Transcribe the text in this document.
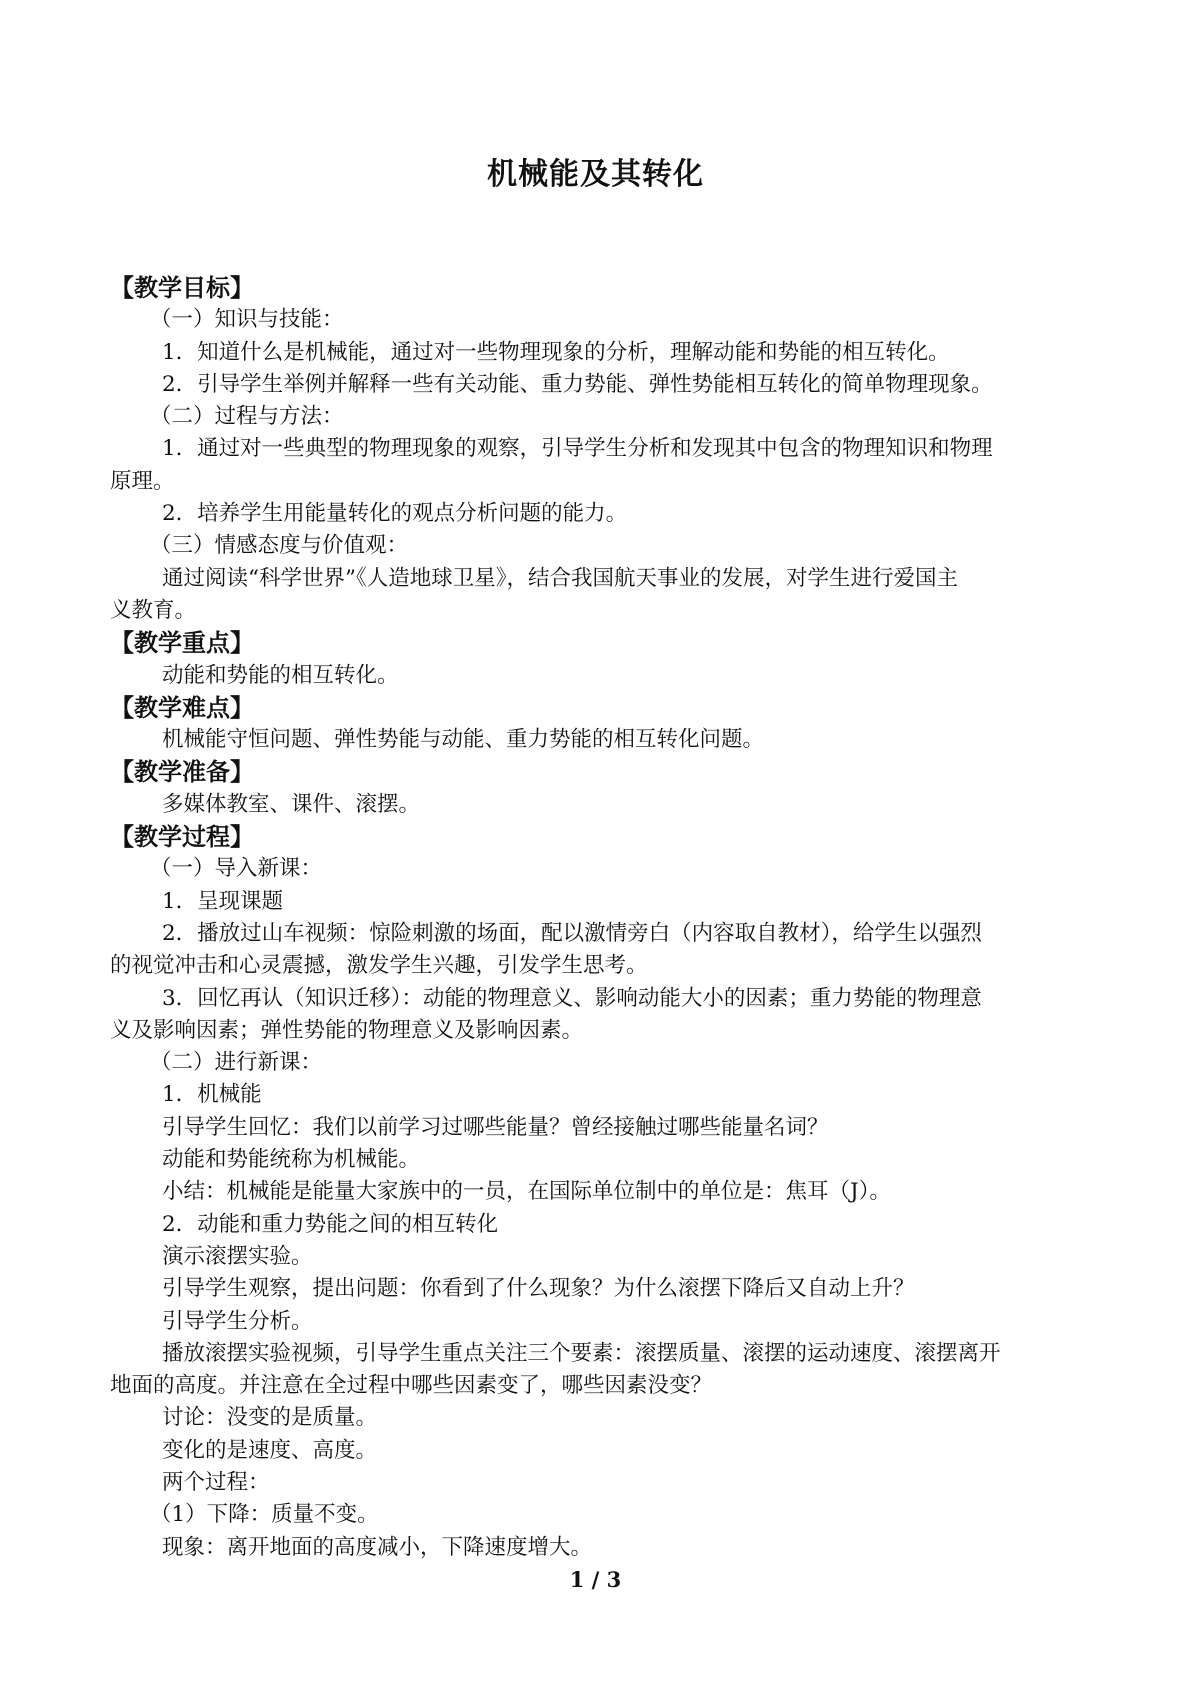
机械能及其转化
【教学目标】
（一）知识与技能：
1．知道什么是机械能，通过对一些物理现象的分析，理解动能和势能的相互转化。
2．引导学生举例并解释一些有关动能、重力势能、弹性势能相互转化的简单物理现象。
（二）过程与方法：
1．通过对一些典型的物理现象的观察，引导学生分析和发现其中包含的物理知识和物理
原理。
2．培养学生用能量转化的观点分析问题的能力。
（三）情感态度与价值观：
通过阅读“科学世界”《人造地球卫星》，结合我国航天事业的发展，对学生进行爱国主
义教育。
【教学重点】
动能和势能的相互转化。
【教学难点】
机械能守恒问题、弹性势能与动能、重力势能的相互转化问题。
【教学准备】
多媒体教室、课件、滚摆。
【教学过程】
（一）导入新课：
1．呈现课题
2．播放过山车视频：惊险刺激的场面，配以激情旁白（内容取自教材），给学生以强烈
的视觉冲击和心灵震撼，激发学生兴趣，引发学生思考。
3．回忆再认（知识迁移）：动能的物理意义、影响动能大小的因素；重力势能的物理意
义及影响因素；弹性势能的物理意义及影响因素。
（二）进行新课：
1．机械能
引导学生回忆：我们以前学习过哪些能量？曾经接触过哪些能量名词？
动能和势能统称为机械能。
小结：机械能是能量大家族中的一员，在国际单位制中的单位是：焦耳（J）。
2．动能和重力势能之间的相互转化
演示滚摆实验。
引导学生观察，提出问题：你看到了什么现象？为什么滚摆下降后又自动上升？
引导学生分析。
播放滚摆实验视频，引导学生重点关注三个要素：滚摆质量、滚摆的运动速度、滚摆离开
地面的高度。并注意在全过程中哪些因素变了，哪些因素没变？
讨论：没变的是质量。
变化的是速度、高度。
两个过程：
（1）下降：质量不变。
现象：离开地面的高度减小，下降速度增大。
1 / 3
